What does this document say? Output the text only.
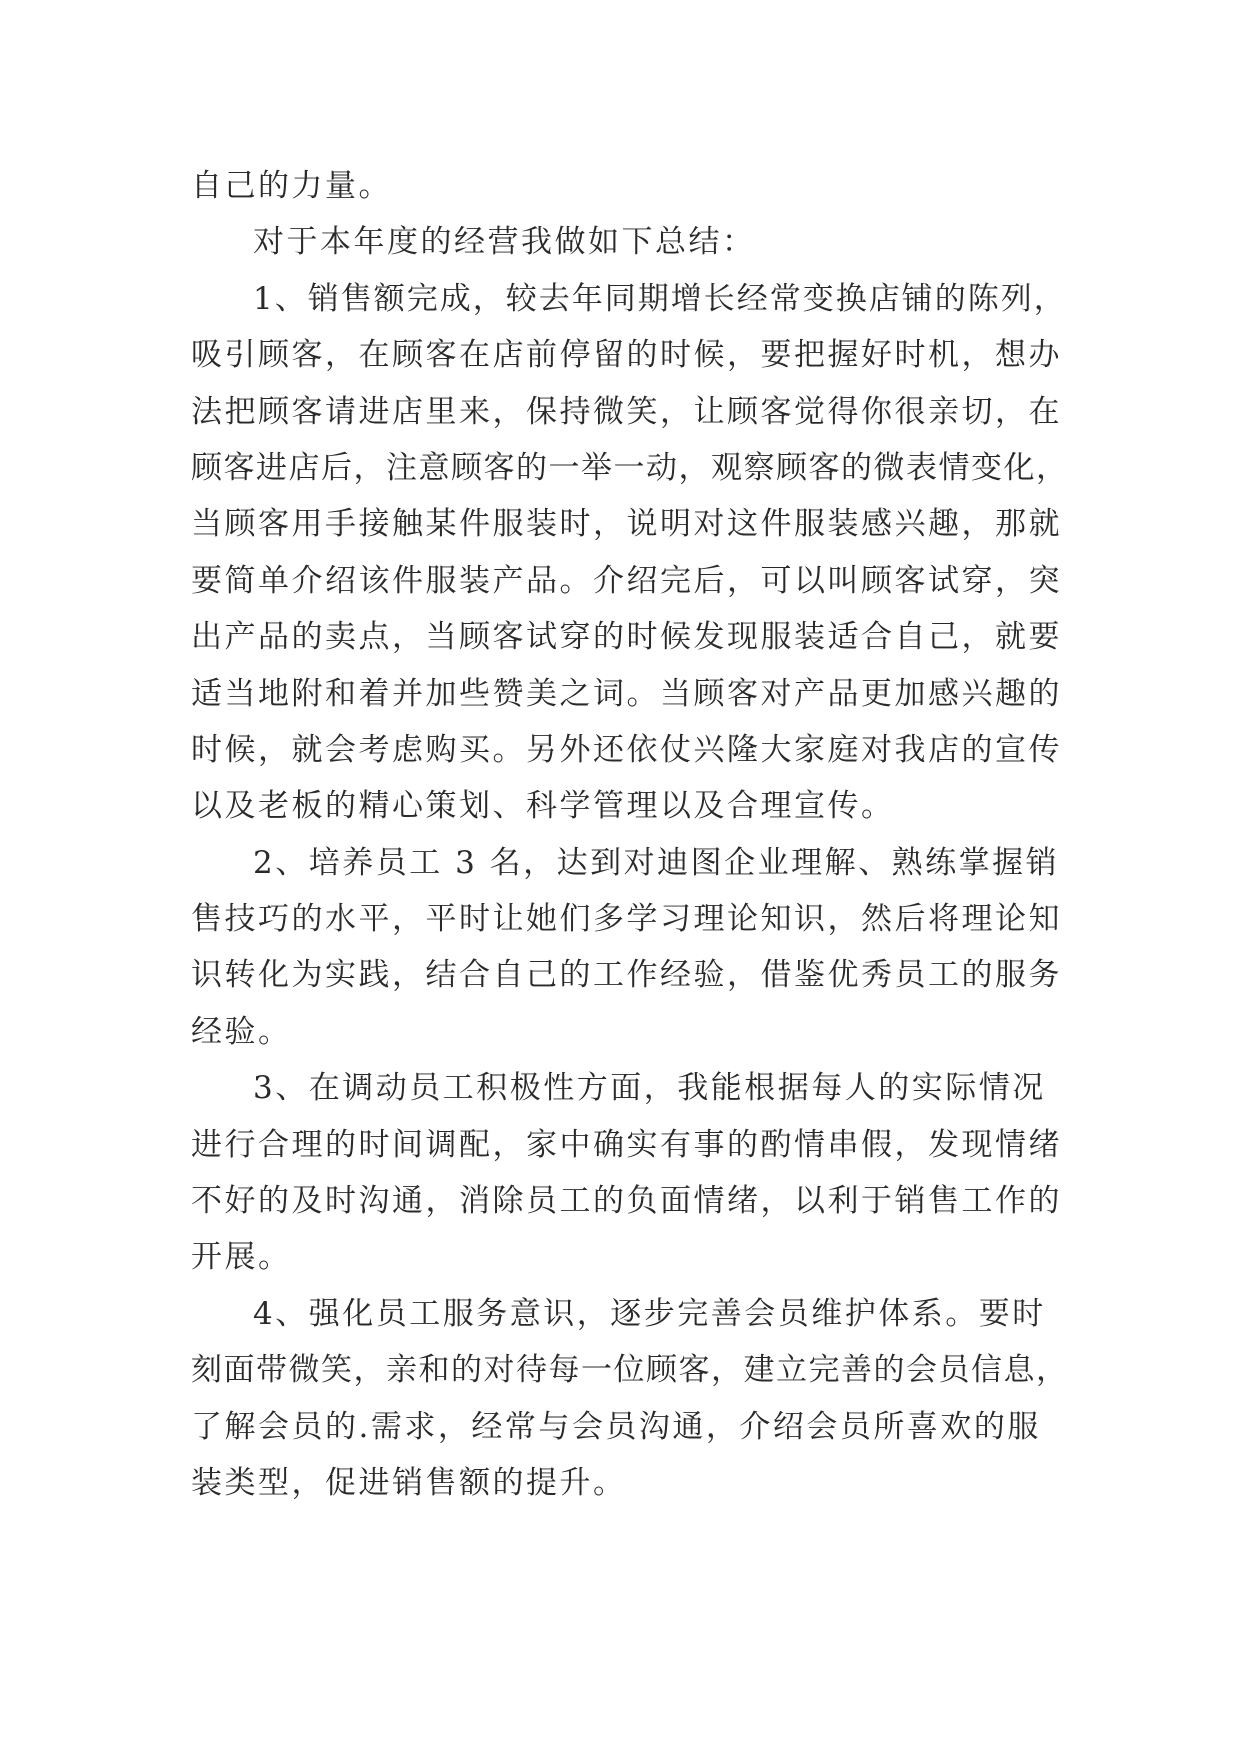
自己的力量。
对于本年度的经营我做如下总结：
1、销售额完成，较去年同期增长经常变换店铺的陈列，
吸引顾客，在顾客在店前停留的时候，要把握好时机，想办
法把顾客请进店里来，保持微笑，让顾客觉得你很亲切，在
顾客进店后，注意顾客的一举一动，观察顾客的微表情变化，
当顾客用手接触某件服装时，说明对这件服装感兴趣，那就
要简单介绍该件服装产品。介绍完后，可以叫顾客试穿，突
出产品的卖点，当顾客试穿的时候发现服装适合自己，就要
适当地附和着并加些赞美之词。当顾客对产品更加感兴趣的
时候，就会考虑购买。另外还依仗兴隆大家庭对我店的宣传
以及老板的精心策划、科学管理以及合理宣传。
2、培养员工 3 名，达到对迪图企业理解、熟练掌握销
售技巧的水平，平时让她们多学习理论知识，然后将理论知
识转化为实践，结合自己的工作经验，借鉴优秀员工的服务
经验。
3、在调动员工积极性方面，我能根据每人的实际情况
进行合理的时间调配，家中确实有事的酌情串假，发现情绪
不好的及时沟通，消除员工的负面情绪，以利于销售工作的
开展。
4、强化员工服务意识，逐步完善会员维护体系。要时
刻面带微笑，亲和的对待每一位顾客，建立完善的会员信息，
了解会员的.需求，经常与会员沟通，介绍会员所喜欢的服
装类型，促进销售额的提升。
